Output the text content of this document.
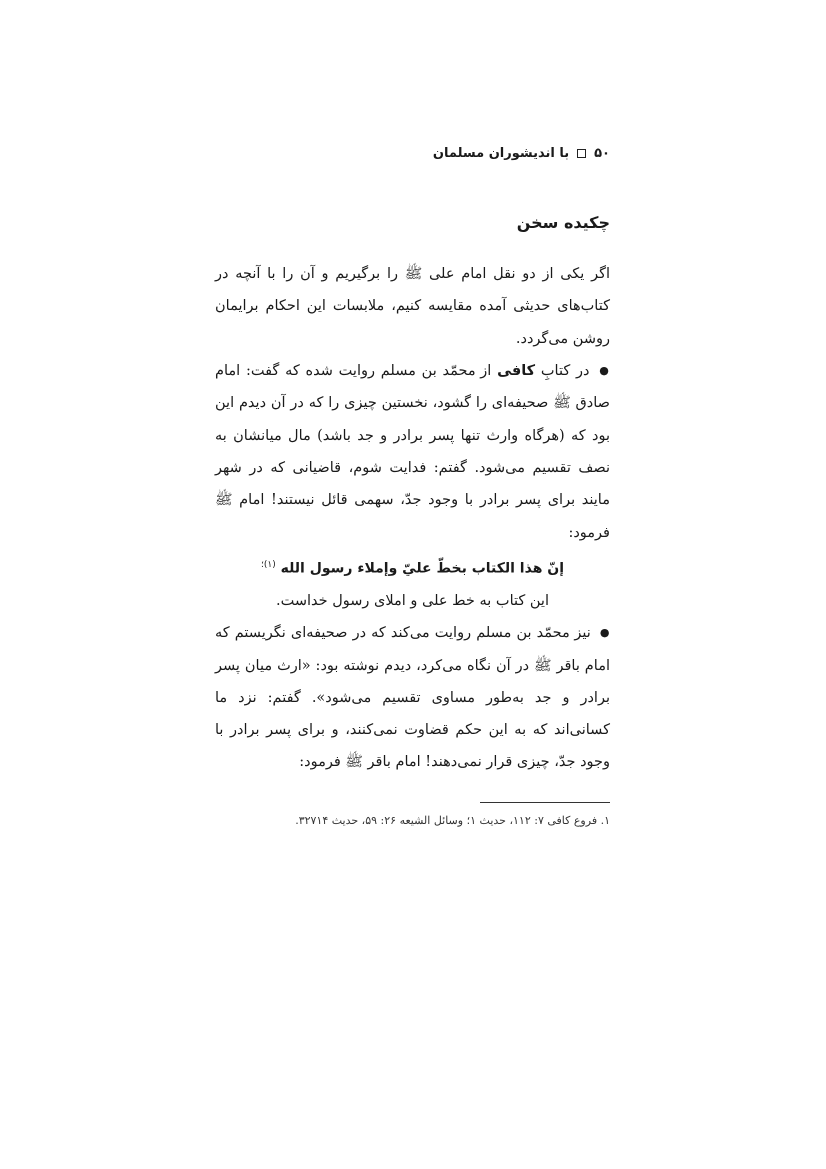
۵۰
با اندیشوران مسلمان
چکیده سخن

اگر یکی از دو نقل امام علی ﷺ را برگیریم و آن را با آنچه در کتاب‌های حدیثی آمده مقایسه کنیم، ملابسات این احکام برایمان روشن می‌گردد.

● در کتابِ کافی از محمّد بن مسلم روایت شده که گفت: امام صادق ﷺ صحیفه‌ای را گشود، نخستین چیزی را که در آن دیدم این بود که (هرگاه وارث تنها پسر برادر و جد باشد) مال میانشان به نصف تقسیم می‌شود. گفتم: فدایت شوم، قاضیانی که در شهر مایند برای پسر برادر با وجود جدّ، سهمی قائل نیستند! امام ﷺ فرمود:

إنّ هذا الكتاب بخطّ عليّ وإملاء رسول الله $^{(۱)؛}$

این کتاب به خط علی و املای رسول خداست.

● نیز محمّد بن مسلم روایت می‌کند که در صحیفه‌ای نگریستم که امام باقر ﷺ در آن نگاه می‌کرد، دیدم نوشته بود: «ارث میان پسر برادر و جد به‌طور مساوی تقسیم می‌شود». گفتم: نزد ما کسانی‌اند که به این حکم قضاوت نمی‌کنند، و برای پسر برادر با وجود جدّ، چیزی قرار نمی‌دهند! امام باقر ﷺ فرمود:

۱. فروع کافی ۷: ۱۱۲، حدیث ۱؛ وسائل الشیعه ۲۶: ۵۹، حدیث ۳۲۷۱۴.
